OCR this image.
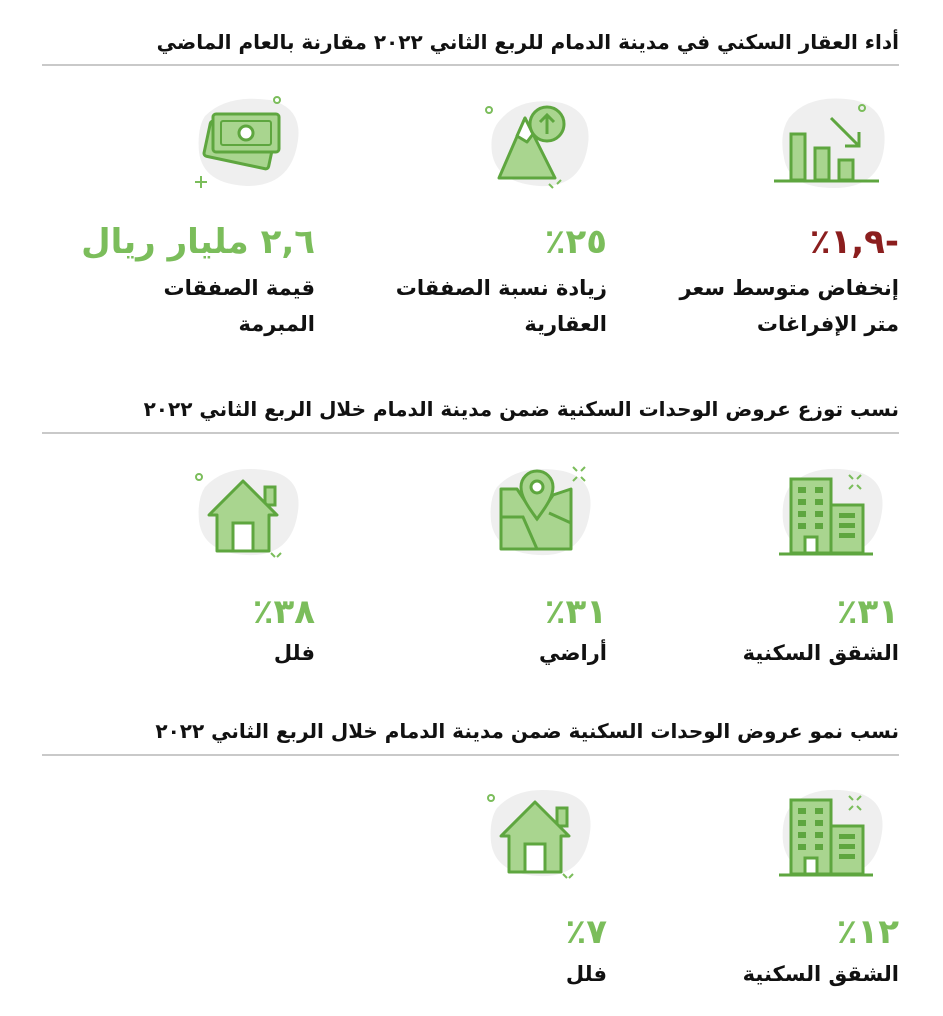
أداء العقار السكني في مدينة الدمام للربع الثاني ٢٠٢٢ مقارنة بالعام الماضي
-١,٩٪
إنخفاض متوسط سعر
متر الإفراغات
٢٥٪
زيادة نسبة الصفقات
العقارية
٢,٦ مليار ريال
قيمة الصفقات
المبرمة
نسب توزع عروض الوحدات السكنية ضمن مدينة الدمام خلال الربع الثاني ٢٠٢٢
٣١٪
الشقق السكنية
٣١٪
أراضي
٣٨٪
فلل
نسب نمو عروض الوحدات السكنية ضمن مدينة الدمام خلال الربع الثاني ٢٠٢٢
١٢٪
الشقق السكنية
٧٪
فلل
